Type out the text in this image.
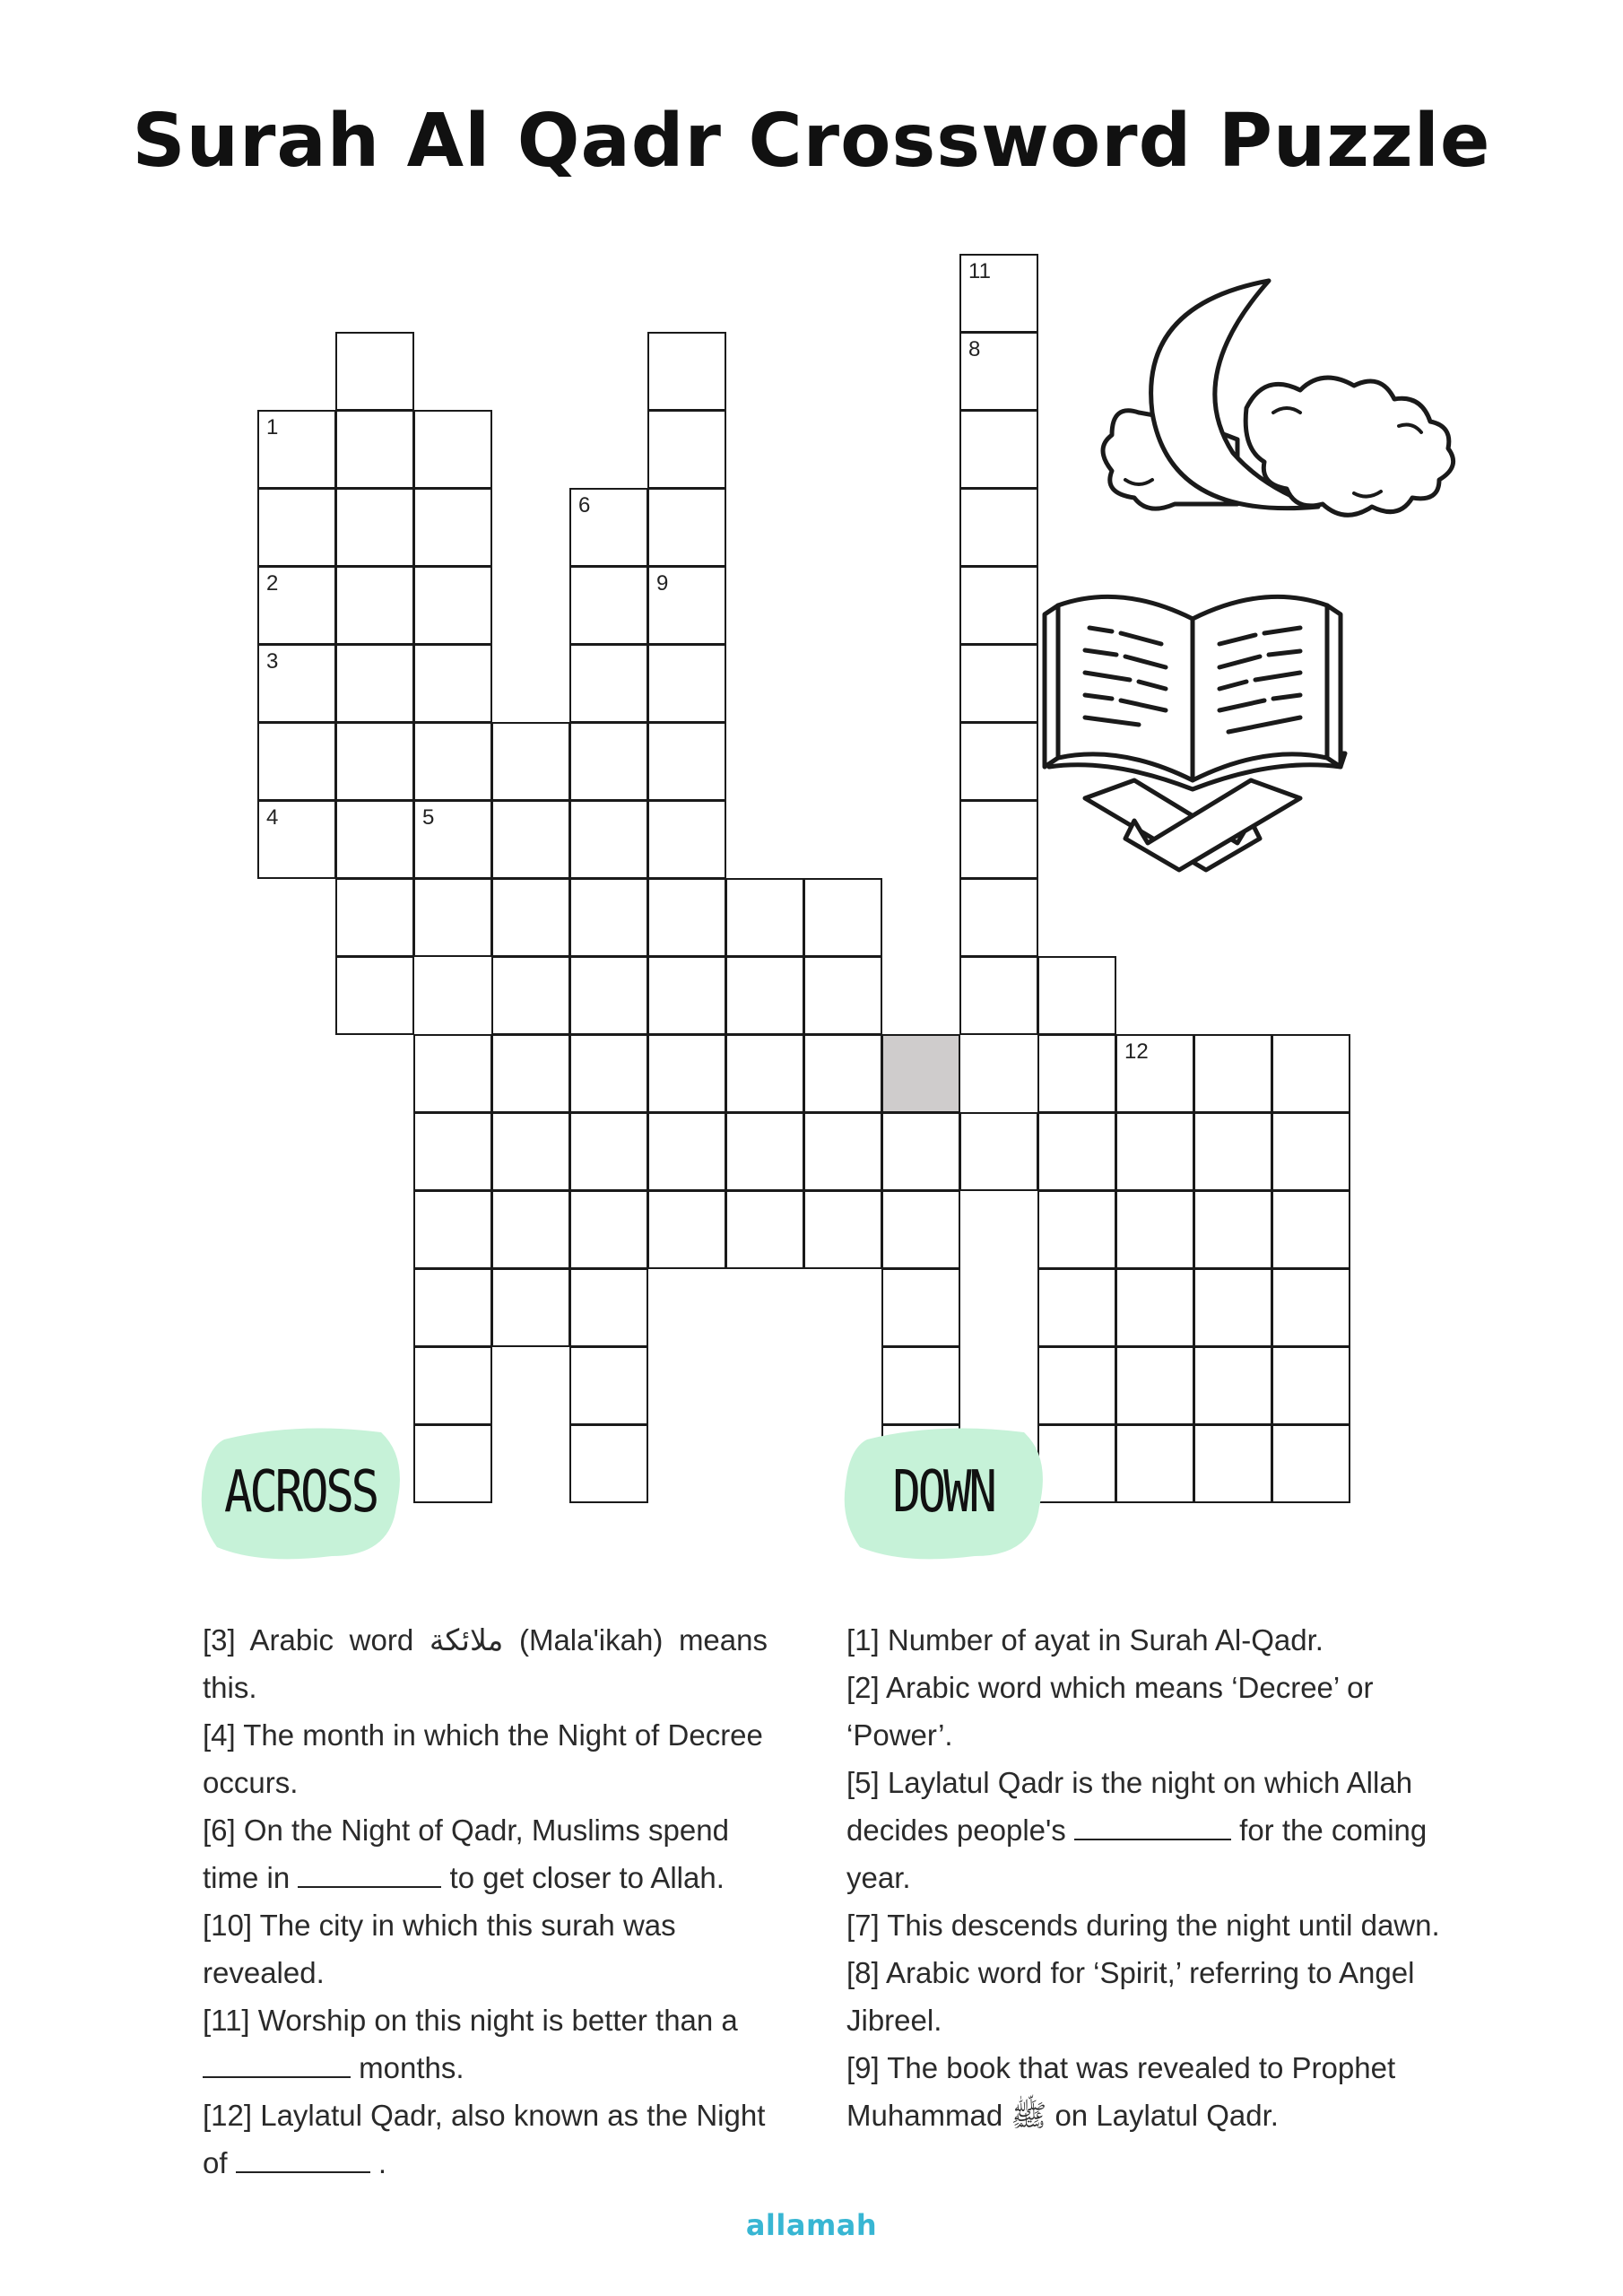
Surah Al Qadr Crossword Puzzle
1
2
3
4	5
6
9
11
8
12
ACROSS	DOWN

[3] Arabic word ملائكة (Mala'ikah) means this.

[4] The month in which the Night of Decree occurs.

[6] On the Night of Qadr, Muslims spend time in	to get closer to Allah.

[10] The city in which this surah was revealed.

[11] Worship on this night is better than a  months.

[12] Laylatul Qadr, also known as the Night of	.

[1] Number of ayat in Surah Al-Qadr.

[2] Arabic word which means ‘Decree’ or ‘Power’.

[5] Laylatul Qadr is the night on which Allah decides people's	for the coming year.

[7] This descends during the night until dawn.

[8] Arabic word for ‘Spirit,’ referring to Angel Jibreel.

[9] The book that was revealed to Prophet Muhammad ﷺ on Laylatul Qadr.

allamah
